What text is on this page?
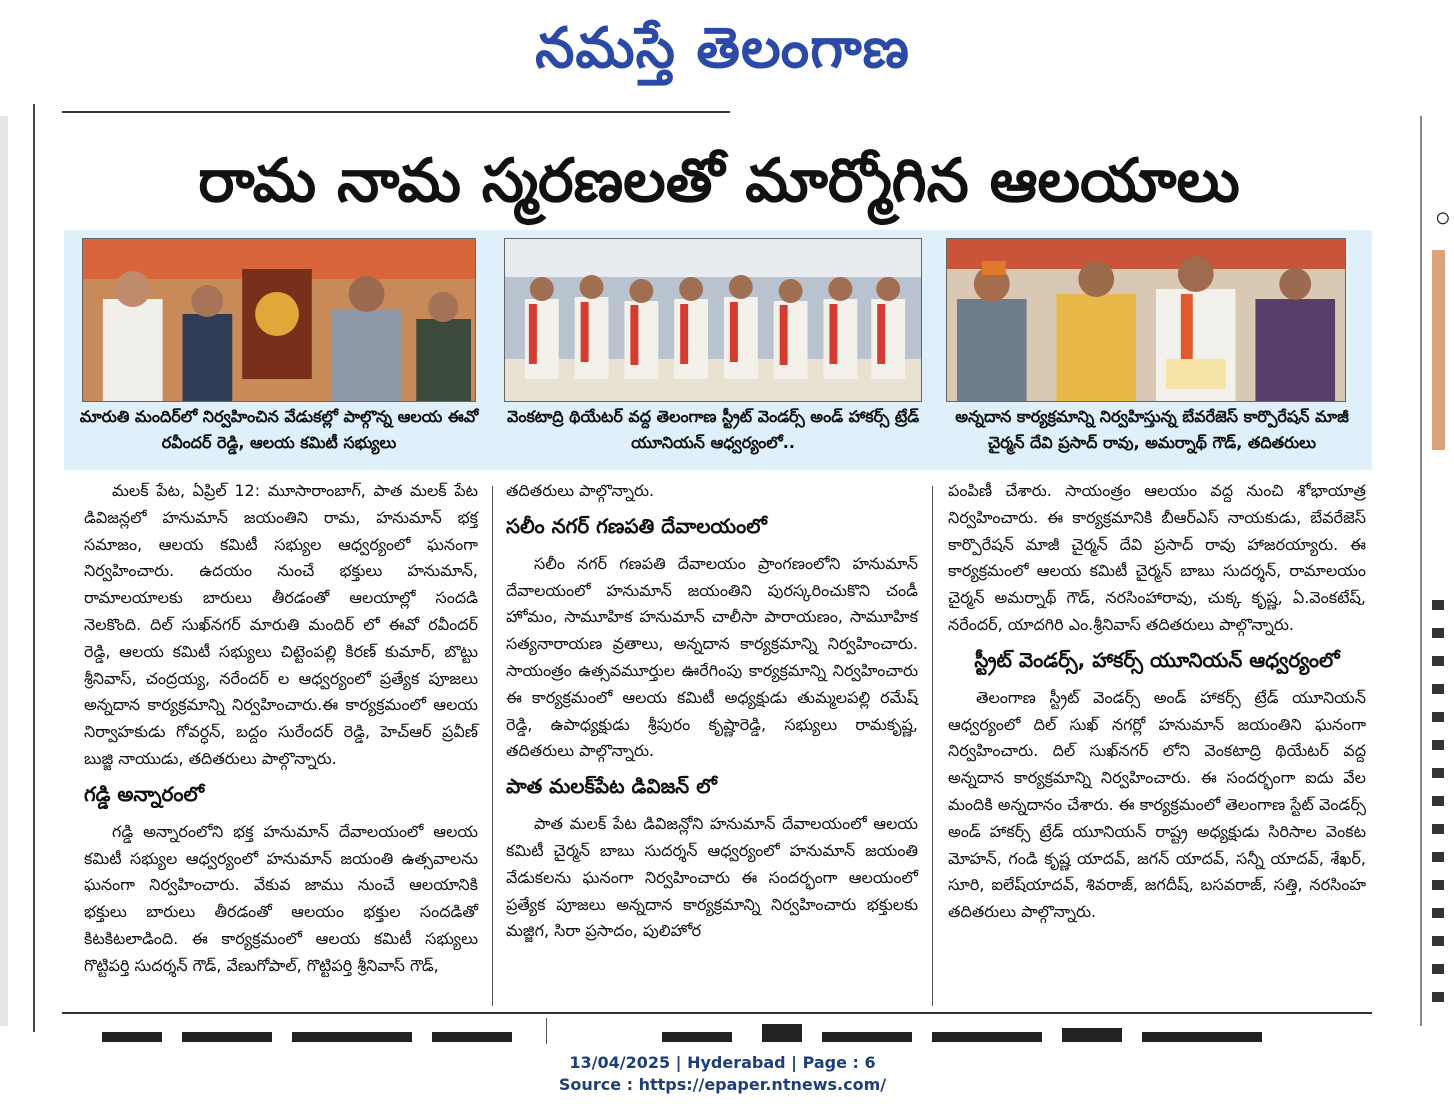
నమస్తే తెలంగాణ
రామ నామ స్మరణలతో మార్మోగిన ఆలయాలు
మారుతి మందిర్‌లో నిర్వహించిన వేడుకల్లో పాల్గొన్న ఆలయ ఈవో రవీందర్ రెడ్డి, ఆలయ కమిటీ సభ్యులు
వెంకటాద్రి థియేటర్ వద్ద తెలంగాణ స్ట్రీట్ వెండర్స్ అండ్ హాకర్స్ ట్రేడ్ యూనియన్ ఆధ్వర్యంలో..
అన్నదాన కార్యక్రమాన్ని నిర్వహిస్తున్న బేవరేజెస్ కార్పొరేషన్ మాజీ చైర్మన్ దేవి ప్రసాద్ రావు, అమర్నాథ్ గౌడ్, తదితరులు

మలక్ పేట, ఏప్రిల్ 12: మూసారాంబాగ్, పాత మలక్ పేట డివిజన్లలో హనుమాన్ జయంతిని రామ, హనుమాన్ భక్త సమాజం, ఆలయ కమిటీ సభ్యుల ఆధ్వర్యంలో ఘనంగా నిర్వహించారు. ఉదయం నుంచే భక్తులు హనుమాన్, రామాలయాలకు బారులు తీరడంతో ఆలయాల్లో సందడి నెలకొంది. దిల్ సుఖ్‌నగర్ మారుతి మందిర్ లో ఈవో రవీందర్ రెడ్డి, ఆలయ కమిటీ సభ్యులు చిట్టెంపల్లి కిరణ్ కుమార్, బొట్టు శ్రీనివాస్, చంద్రయ్య, నరేందర్ ల ఆధ్వర్యంలో ప్రత్యేక పూజలు అన్నదాన కార్యక్రమాన్ని నిర్వహించారు.ఈ కార్యక్రమంలో ఆలయ నిర్వాహకుడు గోవర్ధన్, బద్దం సురేందర్ రెడ్డి, హెచ్‌ఆర్ ప్రవీణ్ బుజ్జి నాయుడు, తదితరులు పాల్గొన్నారు.

గడ్డి అన్నారంలో

గడ్డి అన్నారంలోని భక్త హనుమాన్ దేవాలయంలో ఆలయ కమిటీ సభ్యుల ఆధ్వర్యంలో హనుమాన్ జయంతి ఉత్సవాలను ఘనంగా నిర్వహించారు. వేకువ జాము నుంచే ఆలయానికి భక్తులు బారులు తీరడంతో ఆలయం భక్తుల సందడితో కిటకిటలాడింది. ఈ కార్యక్రమంలో ఆలయ కమిటీ సభ్యులు గొట్టిపర్తి సుదర్శన్ గౌడ్, వేణుగోపాల్, గొట్టిపర్తి శ్రీనివాస్ గౌడ్,

తదితరులు పాల్గొన్నారు.

సలీం నగర్ గణపతి దేవాలయంలో

సలీం నగర్ గణపతి దేవాలయం ప్రాంగణంలోని హనుమాన్ దేవాలయంలో హనుమాన్ జయంతిని పురస్కరించుకొని చండీ హోమం, సామూహిక హనుమాన్ చాలీసా పారాయణం, సామూహిక సత్యనారాయణ వ్రతాలు, అన్నదాన కార్యక్రమాన్ని నిర్వహించారు. సాయంత్రం ఉత్సవమూర్తుల ఊరేగింపు కార్యక్రమాన్ని నిర్వహించారు ఈ కార్యక్రమంలో ఆలయ కమిటీ అధ్యక్షుడు తుమ్మలపల్లి రమేష్ రెడ్డి, ఉపాధ్యక్షుడు శ్రీపురం కృష్ణారెడ్డి, సభ్యులు రామకృష్ణ, తదితరులు పాల్గొన్నారు.

పాత మలక్‌పేట డివిజన్ లో

పాత మలక్ పేట డివిజన్లోని హనుమాన్ దేవాలయంలో ఆలయ కమిటీ చైర్మన్ బాబు సుదర్శన్ ఆధ్వర్యంలో హనుమాన్ జయంతి వేడుకలను ఘనంగా నిర్వహించారు ఈ సందర్భంగా ఆలయంలో ప్రత్యేక పూజలు అన్నదాన కార్యక్రమాన్ని నిర్వహించారు భక్తులకు మజ్జిగ, సిరా ప్రసాదం, పులిహోర

పంపిణీ చేశారు. సాయంత్రం ఆలయం వద్ద నుంచి శోభాయాత్ర నిర్వహించారు. ఈ కార్యక్రమానికి బీఆర్ఎస్ నాయకుడు, బేవరేజెస్ కార్పొరేషన్ మాజీ చైర్మన్ దేవి ప్రసాద్ రావు హాజరయ్యారు. ఈ కార్యక్రమంలో ఆలయ కమిటీ చైర్మన్ బాబు సుదర్శన్, రామాలయం చైర్మన్ అమర్నాథ్ గౌడ్, నరసింహారావు, చుక్క కృష్ణ, ఏ.వెంకటేష్, నరేందర్, యాదగిరి ఎం.శ్రీనివాస్ తదితరులు పాల్గొన్నారు.

స్ట్రీట్ వెండర్స్, హాకర్స్ యూనియన్ ఆధ్వర్యంలో

తెలంగాణ స్ట్రీట్ వెండర్స్ అండ్ హాకర్స్ ట్రేడ్ యూనియన్ ఆధ్వర్యంలో దిల్ సుఖ్ నగర్లో హనుమాన్ జయంతిని ఘనంగా నిర్వహించారు. దిల్ సుఖ్‌నగర్ లోని వెంకటాద్రి థియేటర్ వద్ద అన్నదాన కార్యక్రమాన్ని నిర్వహించారు. ఈ సందర్భంగా ఐదు వేల మందికి అన్నదానం చేశారు. ఈ కార్యక్రమంలో తెలంగాణ స్టేట్ వెండర్స్ అండ్ హాకర్స్ ట్రేడ్ యూనియన్ రాష్ట్ర అధ్యక్షుడు సిరిసాల వెంకట మోహన్, గండి కృష్ణ యాదవ్, జగన్ యాదవ్, సన్నీ యాదవ్, శేఖర్, సూరి, ఐలేష్‌యాదవ్, శివరాజ్, జగదీష్, బసవరాజ్, సత్తి, నరసింహ తదితరులు పాల్గొన్నారు.

◦
13/04/2025 | Hyderabad | Page : 6
Source : https://epaper.ntnews.com/
